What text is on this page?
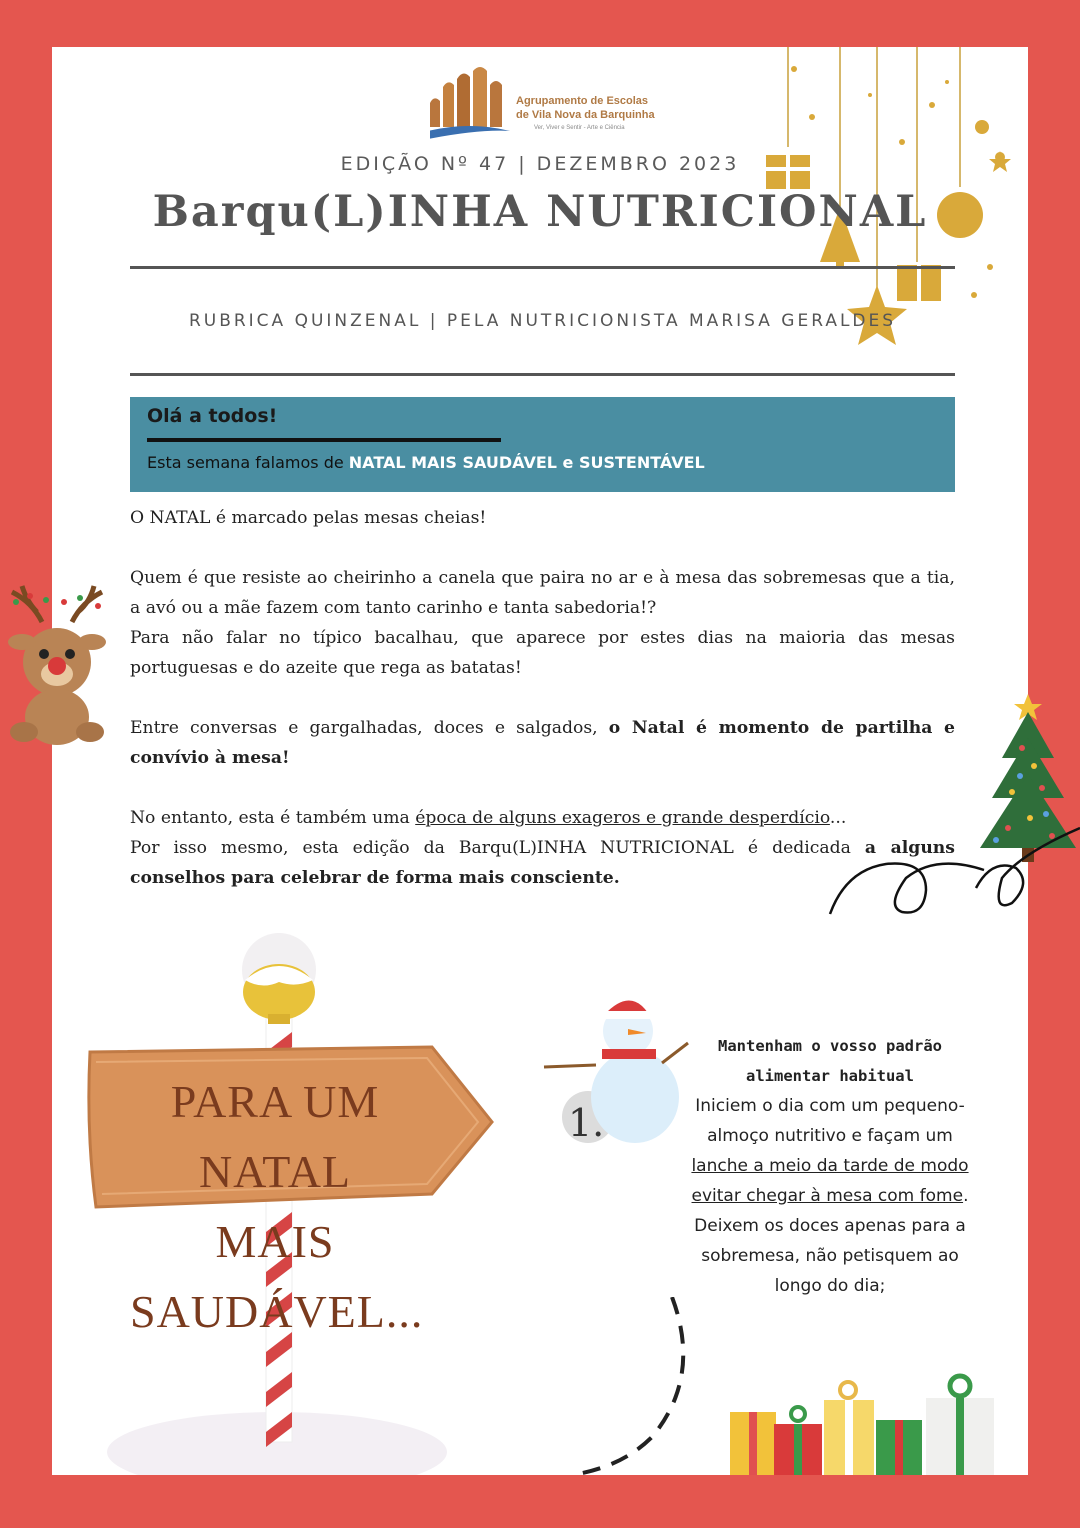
Agrupamento de Escolas
de Vila Nova da Barquinha
Ver, Viver e Sentir - Arte e Ciência
EDIÇÃO Nº 47 | DEZEMBRO 2023
Barqu(L)INHA NUTRICIONAL
RUBRICA QUINZENAL | PELA NUTRICIONISTA MARISA GERALDES
Olá a todos!
Esta semana falamos de NATAL MAIS SAUDÁVEL e SUSTENTÁVEL

O NATAL é marcado pelas mesas cheias!

Quem é que resiste ao cheirinho a canela que paira no ar e à mesa das sobremesas que a tia, a avó ou a mãe fazem com tanto carinho e tanta sabedoria!?

Para não falar no típico bacalhau, que aparece por estes dias na maioria das mesas portuguesas e do azeite que rega as batatas!

Entre conversas e gargalhadas, doces e salgados, o Natal é momento de partilha e convívio à mesa!

No entanto, esta é também uma época de alguns exageros e grande desperdício...

Por isso mesmo, esta edição da Barqu(L)INHA NUTRICIONAL é dedicada a alguns conselhos para celebrar de forma mais consciente.

PARA UM NATAL
MAIS SAUDÁVEL...
1.
Mantenham o vosso padrão alimentar habitual
Iniciem o dia com um pequeno-almoço nutritivo e façam um lanche a meio da tarde de modo evitar chegar à mesa com fome. Deixem os doces apenas para a sobremesa, não petisquem ao longo do dia;
